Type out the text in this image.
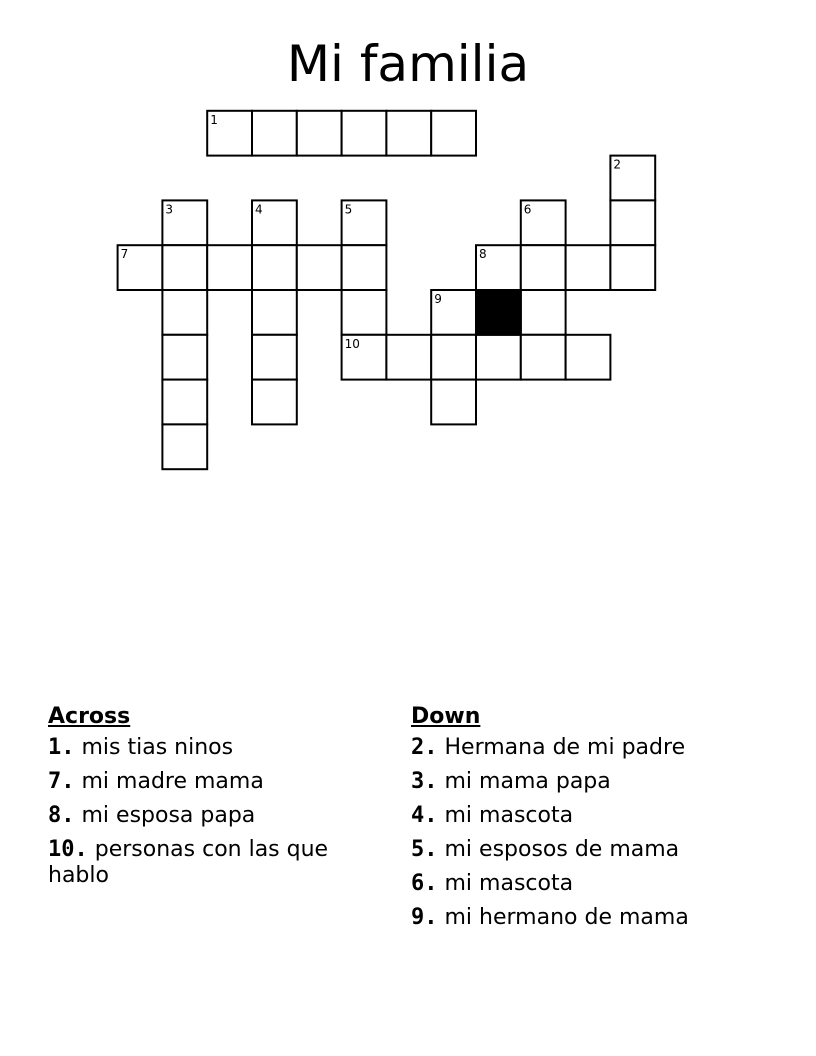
Mi familia
1
2
3	4	5	6
7	8
9
10
Across
1. mis tias ninos
7. mi madre mama
8. mi esposa papa
10. personas con las que hablo
Down
2. Hermana de mi padre
3. mi mama papa
4. mi mascota
5. mi esposos de mama
6. mi mascota
9. mi hermano de mama
